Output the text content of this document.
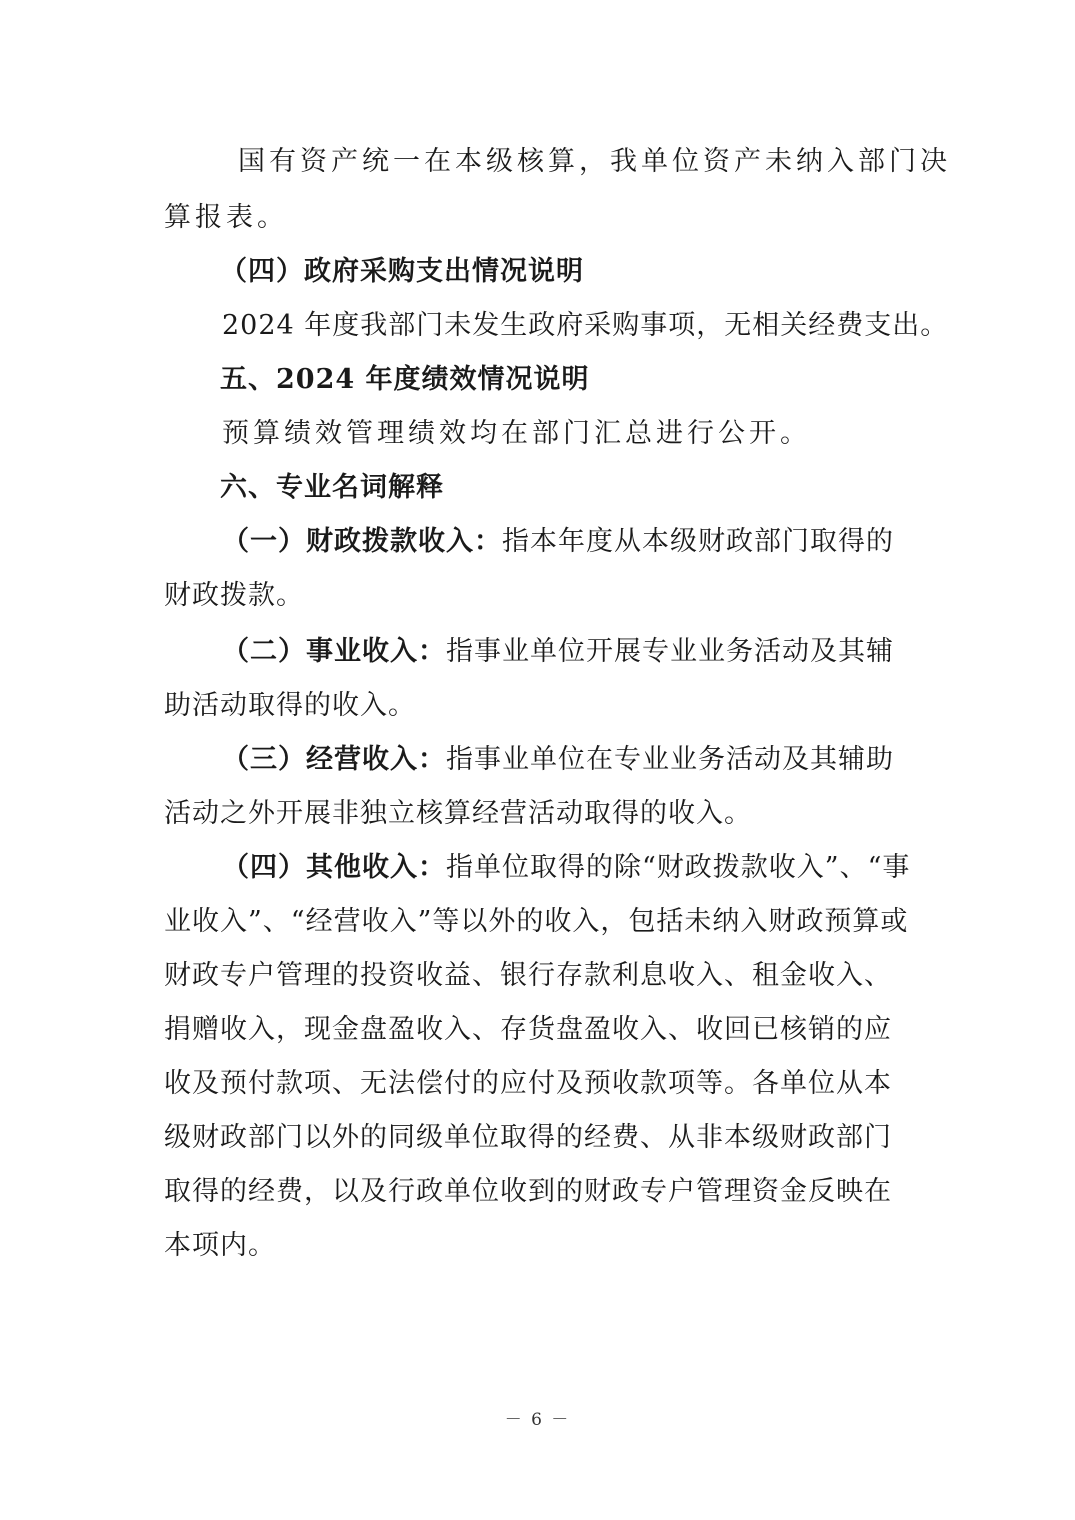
国有资产统一在本级核算，我单位资产未纳入部门决
算报表。
（四）政府采购支出情况说明
2024 年度我部门未发生政府采购事项，无相关经费支出。
五、2024 年度绩效情况说明
预算绩效管理绩效均在部门汇总进行公开。
六、专业名词解释
（一）财政拨款收入：指本年度从本级财政部门取得的
财政拨款。
（二）事业收入：指事业单位开展专业业务活动及其辅
助活动取得的收入。
（三）经营收入：指事业单位在专业业务活动及其辅助
活动之外开展非独立核算经营活动取得的收入。
（四）其他收入：指单位取得的除“财政拨款收入”、“事
业收入”、“经营收入”等以外的收入，包括未纳入财政预算或
财政专户管理的投资收益、银行存款利息收入、租金收入、
捐赠收入，现金盘盈收入、存货盘盈收入、收回已核销的应
收及预付款项、无法偿付的应付及预收款项等。各单位从本
级财政部门以外的同级单位取得的经费、从非本级财政部门
取得的经费，以及行政单位收到的财政专户管理资金反映在
本项内。
－ 6 －
